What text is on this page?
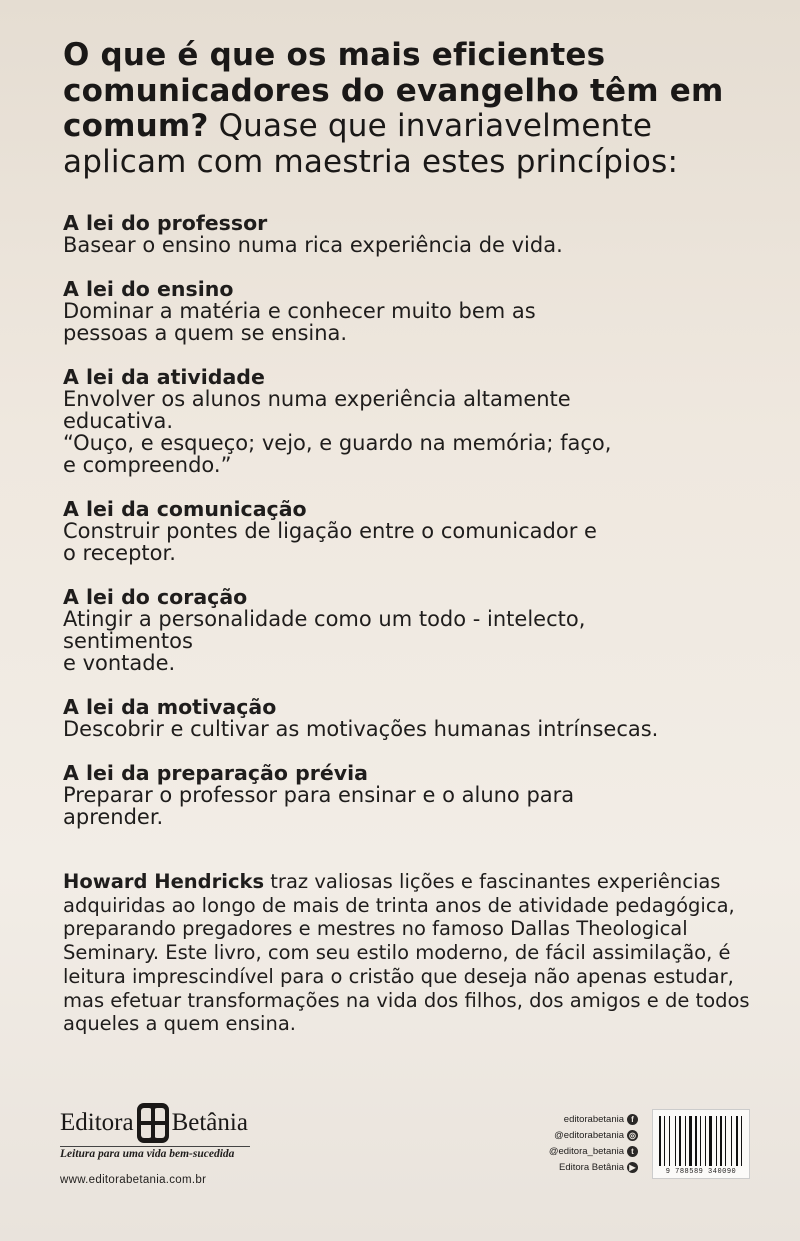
O que é que os mais eficientes comunicadores do evangelho têm em comum? Quase que invariavelmente aplicam com maestria estes princípios:
A lei do professor
Basear o ensino numa rica experiência de vida.
A lei do ensino
Dominar a matéria e conhecer muito bem as
pessoas a quem se ensina.
A lei da atividade
Envolver os alunos numa experiência altamente
educativa.
“Ouço, e esqueço; vejo, e guardo na memória; faço,
e compreendo.”
A lei da comunicação
Construir pontes de ligação entre o comunicador e
o receptor.
A lei do coração
Atingir a personalidade como um todo - intelecto,
sentimentos
e vontade.
A lei da motivação
Descobrir e cultivar as motivações humanas intrínsecas.
A lei da preparação prévia
Preparar o professor para ensinar e o aluno para
aprender.
Howard Hendricks traz valiosas lições e fascinantes experiências adquiridas ao longo de mais de trinta anos de atividade pedagógica, preparando pregadores e mestres no famoso Dallas Theological Seminary. Este livro, com seu estilo moderno, de fácil assimilação, é leitura imprescindível para o cristão que deseja não apenas estudar, mas efetuar transformações na vida dos filhos, dos amigos e de todos aqueles a quem ensina.
Editora Betânia
Leitura para uma vida bem-sucedida
www.editorabetania.com.br
editorabetania f
@editorabetania ◎
@editora_betania t
Editora Betânia ▶
9 788589 340090
